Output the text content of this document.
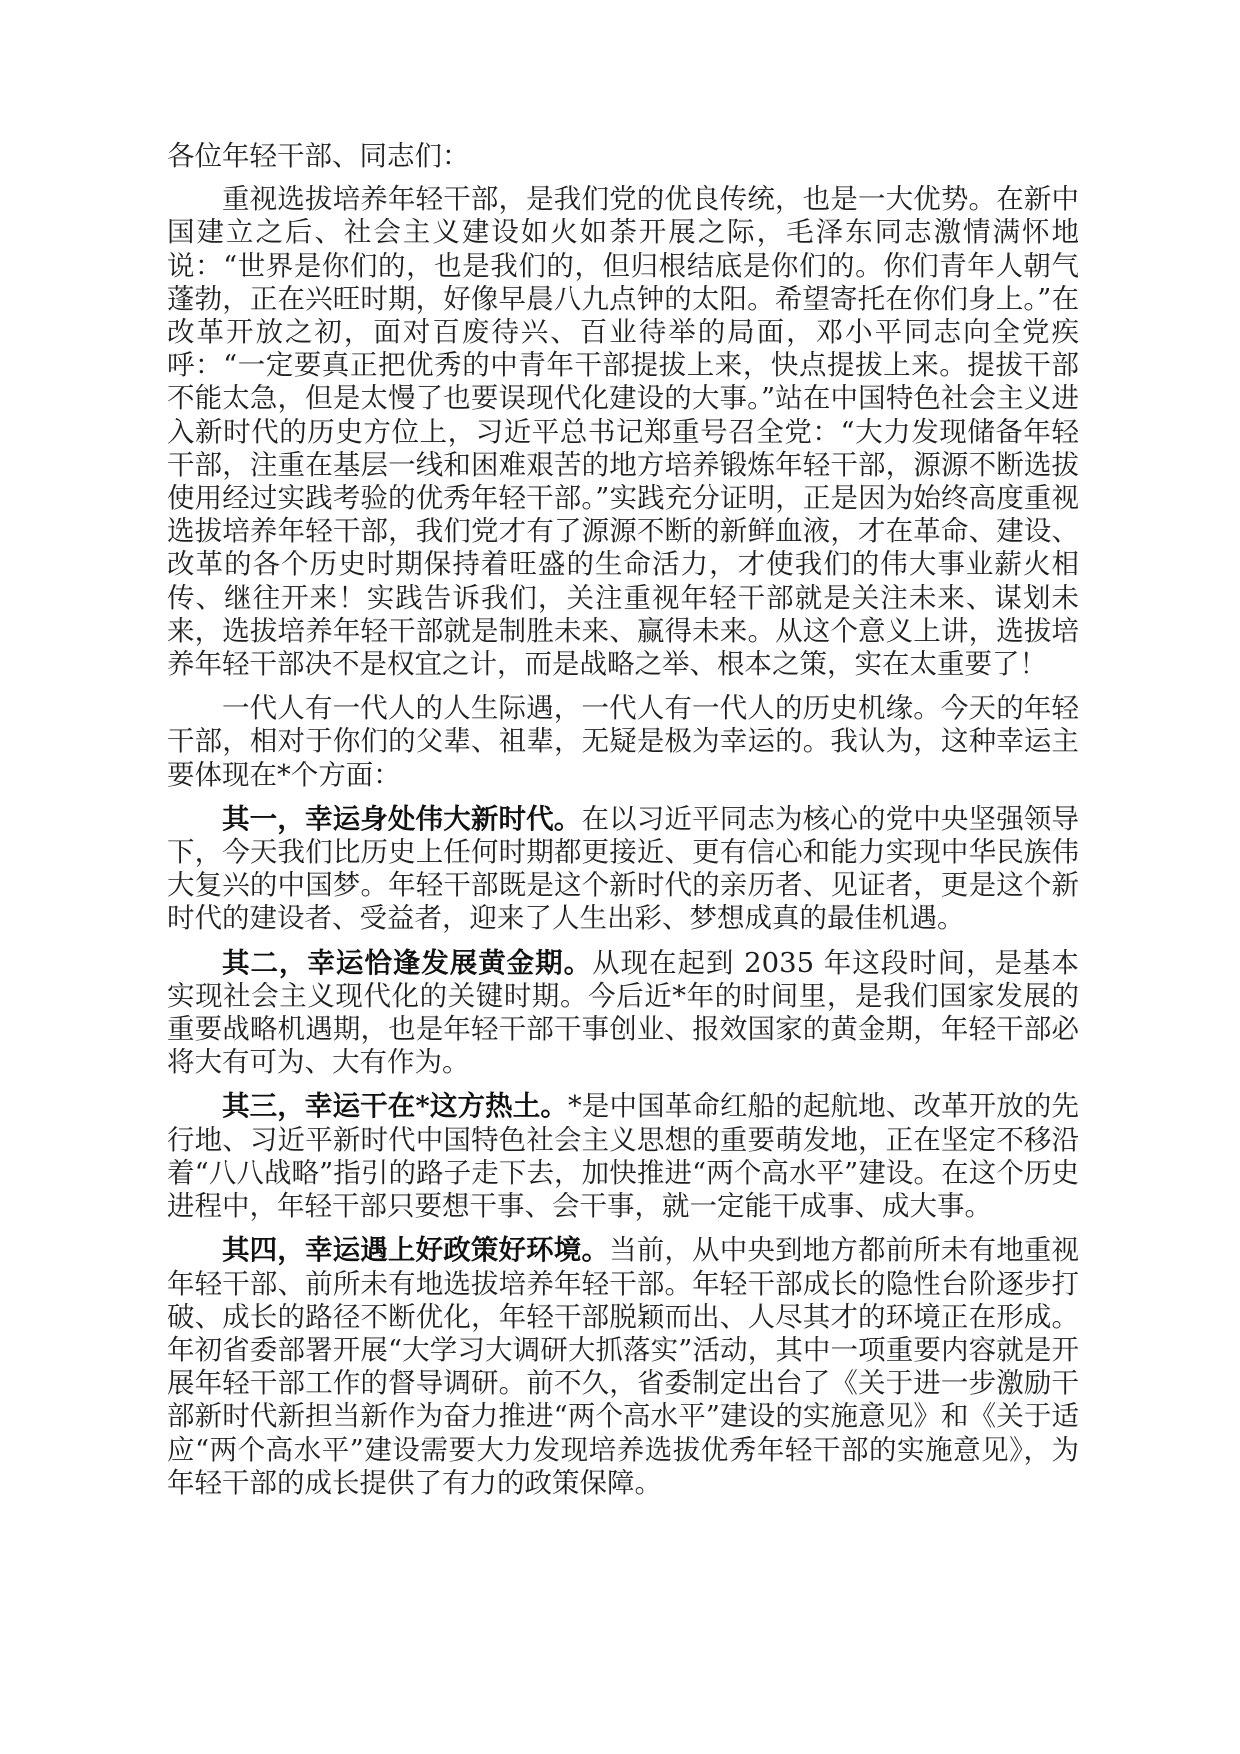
各位年轻干部、同志们：

重视选拔培养年轻干部，是我们党的优良传统，也是一大优势。在新中国建立之后、社会主义建设如火如荼开展之际，毛泽东同志激情满怀地说：“世界是你们的，也是我们的，但归根结底是你们的。你们青年人朝气蓬勃，正在兴旺时期，好像早晨八九点钟的太阳。希望寄托在你们身上。”在改革开放之初，面对百废待兴、百业待举的局面，邓小平同志向全党疾呼：“一定要真正把优秀的中青年干部提拔上来，快点提拔上来。提拔干部不能太急，但是太慢了也要误现代化建设的大事。”站在中国特色社会主义进入新时代的历史方位上，习近平总书记郑重号召全党：“大力发现储备年轻干部，注重在基层一线和困难艰苦的地方培养锻炼年轻干部，源源不断选拔使用经过实践考验的优秀年轻干部。”实践充分证明，正是因为始终高度重视选拔培养年轻干部，我们党才有了源源不断的新鲜血液，才在革命、建设、改革的各个历史时期保持着旺盛的生命活力，才使我们的伟大事业薪火相传、继往开来！实践告诉我们，关注重视年轻干部就是关注未来、谋划未来，选拔培养年轻干部就是制胜未来、赢得未来。从这个意义上讲，选拔培养年轻干部决不是权宜之计，而是战略之举、根本之策，实在太重要了！

一代人有一代人的人生际遇，一代人有一代人的历史机缘。今天的年轻干部，相对于你们的父辈、祖辈，无疑是极为幸运的。我认为，这种幸运主要体现在*个方面：

其一，幸运身处伟大新时代。在以习近平同志为核心的党中央坚强领导下，今天我们比历史上任何时期都更接近、更有信心和能力实现中华民族伟大复兴的中国梦。年轻干部既是这个新时代的亲历者、见证者，更是这个新时代的建设者、受益者，迎来了人生出彩、梦想成真的最佳机遇。

其二，幸运恰逢发展黄金期。从现在起到 2035 年这段时间，是基本实现社会主义现代化的关键时期。今后近*年的时间里，是我们国家发展的重要战略机遇期，也是年轻干部干事创业、报效国家的黄金期，年轻干部必将大有可为、大有作为。

其三，幸运干在*这方热土。*是中国革命红船的起航地、改革开放的先行地、习近平新时代中国特色社会主义思想的重要萌发地，正在坚定不移沿着“八八战略”指引的路子走下去，加快推进“两个高水平”建设。在这个历史进程中，年轻干部只要想干事、会干事，就一定能干成事、成大事。

其四，幸运遇上好政策好环境。当前，从中央到地方都前所未有地重视年轻干部、前所未有地选拔培养年轻干部。年轻干部成长的隐性台阶逐步打破、成长的路径不断优化，年轻干部脱颖而出、人尽其才的环境正在形成。年初省委部署开展“大学习大调研大抓落实”活动，其中一项重要内容就是开展年轻干部工作的督导调研。前不久，省委制定出台了《关于进一步激励干部新时代新担当新作为奋力推进“两个高水平”建设的实施意见》和《关于适应“两个高水平”建设需要大力发现培养选拔优秀年轻干部的实施意见》，为年轻干部的成长提供了有力的政策保障。
